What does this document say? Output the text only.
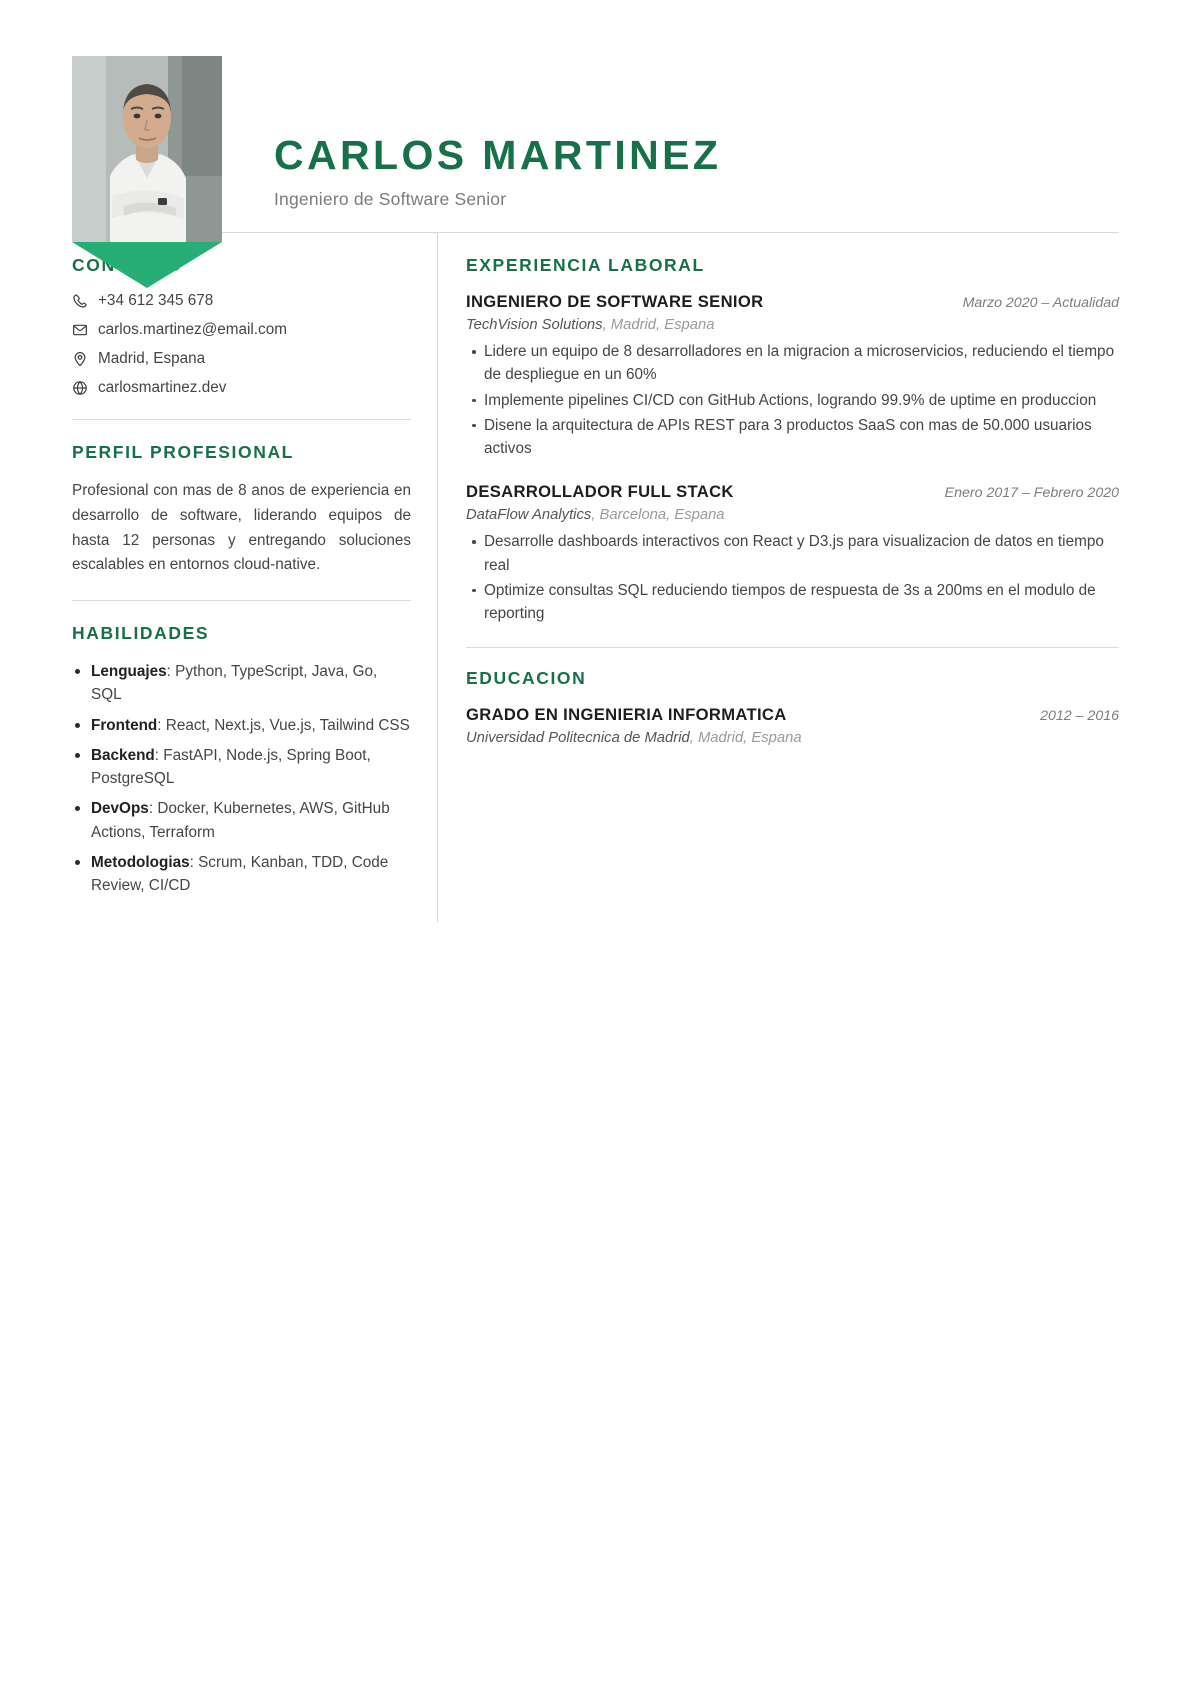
CARLOS MARTINEZ
Ingeniero de Software Senior
CONTACTO
+34 612 345 678
carlos.martinez@email.com
Madrid, Espana
carlosmartinez.dev
PERFIL PROFESIONAL

Profesional con mas de 8 anos de experiencia en desarrollo de software, liderando equipos de hasta 12 personas y entregando soluciones escalables en entornos cloud-native.

HABILIDADES
Lenguajes: Python, TypeScript, Java, Go, SQL
Frontend: React, Next.js, Vue.js, Tailwind CSS
Backend: FastAPI, Node.js, Spring Boot, PostgreSQL
DevOps: Docker, Kubernetes, AWS, GitHub Actions, Terraform
Metodologias: Scrum, Kanban, TDD, Code Review, CI/CD
EXPERIENCIA LABORAL
INGENIERO DE SOFTWARE SENIOR	Marzo 2020 – Actualidad
TechVision Solutions, Madrid, Espana
Lidere un equipo de 8 desarrolladores en la migracion a microservicios, reduciendo el tiempo de despliegue en un 60%
Implemente pipelines CI/CD con GitHub Actions, logrando 99.9% de uptime en produccion
Disene la arquitectura de APIs REST para 3 productos SaaS con mas de 50.000 usuarios activos
DESARROLLADOR FULL STACK	Enero 2017 – Febrero 2020
DataFlow Analytics, Barcelona, Espana
Desarrolle dashboards interactivos con React y D3.js para visualizacion de datos en tiempo real
Optimize consultas SQL reduciendo tiempos de respuesta de 3s a 200ms en el modulo de reporting
EDUCACION
GRADO EN INGENIERIA INFORMATICA	2012 – 2016
Universidad Politecnica de Madrid, Madrid, Espana
